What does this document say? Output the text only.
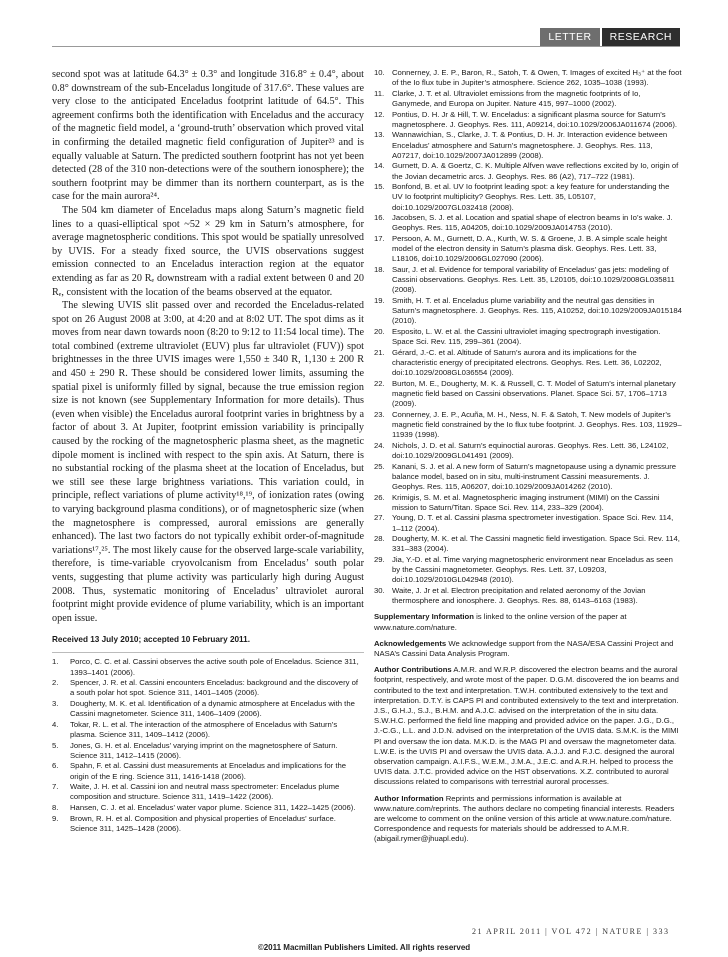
LETTER	RESEARCH

second spot was at latitude 64.3° ± 0.3° and longitude 316.8° ± 0.4°, about 0.8° downstream of the sub-Enceladus longitude of 317.6°. These values are very close to the anticipated Enceladus footprint latitude of 64.5°. This agreement confirms both the identification with Enceladus and the accuracy of the magnetic field model, a ‘ground-truth’ observation which proved vital in confirming the detailed magnetic field configuration of Jupiter²³ and is equally valuable at Saturn. The predicted southern footprint has not yet been detected (28 of the 310 non-detections were of the southern ionosphere); the southern footprint may be dimmer than its northern counterpart, as is the case for the main aurora²⁴.

The 504 km diameter of Enceladus maps along Saturn’s magnetic field lines to a quasi-elliptical spot ~52 × 29 km in Saturn’s atmosphere, for average magnetospheric conditions. This spot would be spatially unresolved by UVIS. For a steady fixed source, the UVIS observations suggest emission connected to an Enceladus interaction region at the equator extending as far as 20 Rₑ downstream with a radial extent between 0 and 20 Rₑ, consistent with the location of the beams observed at the equator.

The slewing UVIS slit passed over and recorded the Enceladus-related spot on 26 August 2008 at 3:00, at 4:20 and at 8:02 UT. The spot dims as it moves from near dawn towards noon (8:20 to 9:12 to 11:54 local time). The total combined (extreme ultraviolet (EUV) plus far ultraviolet (FUV)) spot brightnesses in the three UVIS images were 1,550 ± 340 R, 1,130 ± 200 R and 450 ± 290 R. These should be considered lower limits, assuming the spatial pixel is uniformly filled by signal, because the true emission region size is not known (see Supplementary Information for more details). Thus (even when visible) the Enceladus auroral footprint varies in brightness by a factor of about 3. At Jupiter, footprint emission variability is principally caused by the rocking of the magnetospheric plasma sheet, as the magnetic dipole moment is inclined with respect to the spin axis. At Saturn, there is no substantial rocking of the plasma sheet at the location of Enceladus, but we still see these large brightness variations. This variation could, in principle, reflect variations of plume activity¹⁸,¹⁹, of ionization rates (owing to varying background plasma conditions), or of magnetospheric size (when the magnetosphere is compressed, auroral emissions are generally enhanced). The last two factors do not typically exhibit order-of-magnitude variations¹⁷,²⁵. The most likely cause for the observed large-scale variability, therefore, is time-variable cryovolcanism from Enceladus’ south polar vents, suggesting that plume activity was particularly high during August 2008. Thus, systematic monitoring of Enceladus’ ultraviolet auroral footprint might provide evidence of plume variability, which is an important open issue.

Received 13 July 2010; accepted 10 February 2011.
1. Porco, C. C. et al. Cassini observes the active south pole of Enceladus. Science 311, 1393–1401 (2006).
2. Spencer, J. R. et al. Cassini encounters Enceladus: background and the discovery of a south polar hot spot. Science 311, 1401–1405 (2006).
3. Dougherty, M. K. et al. Identification of a dynamic atmosphere at Enceladus with the Cassini magnetometer. Science 311, 1406–1409 (2006).
4. Tokar, R. L. et al. The interaction of the atmosphere of Enceladus with Saturn’s plasma. Science 311, 1409–1412 (2006).
5. Jones, G. H. et al. Enceladus’ varying imprint on the magnetosphere of Saturn. Science 311, 1412–1415 (2006).
6. Spahn, F. et al. Cassini dust measurements at Enceladus and implications for the origin of the E ring. Science 311, 1416-1418 (2006).
7. Waite, J. H. et al. Cassini ion and neutral mass spectrometer: Enceladus plume composition and structure. Science 311, 1419–1422 (2006).
8. Hansen, C. J. et al. Enceladus’ water vapor plume. Science 311, 1422–1425 (2006).
9. Brown, R. H. et al. Composition and physical properties of Enceladus’ surface. Science 311, 1425–1428 (2006).
10. Connerney, J. E. P., Baron, R., Satoh, T. & Owen, T. Images of excited H₃⁺ at the foot of the Io flux tube in Jupiter’s atmosphere. Science 262, 1035–1038 (1993).
11. Clarke, J. T. et al. Ultraviolet emissions from the magnetic footprints of Io, Ganymede, and Europa on Jupiter. Nature 415, 997–1000 (2002).
12. Pontius, D. H. Jr & Hill, T. W. Enceladus: a significant plasma source for Saturn’s magnetosphere. J. Geophys. Res. 111, A09214, doi:10.1029/2006JA011674 (2006).
13. Wannawichian, S., Clarke, J. T. & Pontius, D. H. Jr. Interaction evidence between Enceladus’ atmosphere and Saturn’s magnetosphere. J. Geophys. Res. 113, A07217, doi:10.1029/2007JA012899 (2008).
14. Gurnett, D. A. & Goertz, C. K. Multiple Alfven wave reflections excited by Io, origin of the Jovian decametric arcs. J. Geophys. Res. 86 (A2), 717–722 (1981).
15. Bonfond, B. et al. UV Io footprint leading spot: a key feature for understanding the UV Io footprint multiplicity? Geophys. Res. Lett. 35, L05107, doi:10.1029/2007GL032418 (2008).
16. Jacobsen, S. J. et al. Location and spatial shape of electron beams in Io’s wake. J. Geophys. Res. 115, A04205, doi:10.1029/2009JA014753 (2010).
17. Persoon, A. M., Gurnett, D. A., Kurth, W. S. & Groene, J. B. A simple scale height model of the electron density in Saturn’s plasma disk. Geophys. Res. Lett. 33, L18106, doi:10.1029/2006GL027090 (2006).
18. Saur, J. et al. Evidence for temporal variability of Enceladus’ gas jets: modeling of Cassini observations. Geophys. Res. Lett. 35, L20105, doi:10.1029/2008GL035811 (2008).
19. Smith, H. T. et al. Enceladus plume variability and the neutral gas densities in Saturn’s magnetosphere. J. Geophys. Res. 115, A10252, doi:10.1029/2009JA015184 (2010).
20. Esposito, L. W. et al. the Cassini ultraviolet imaging spectrograph investigation. Space Sci. Rev. 115, 299–361 (2004).
21. Gérard, J.-C. et al. Altitude of Saturn’s aurora and its implications for the characteristic energy of precipitated electrons. Geophys. Res. Lett. 36, L02202, doi:10.1029/2008GL036554 (2009).
22. Burton, M. E., Dougherty, M. K. & Russell, C. T. Model of Saturn’s internal planetary magnetic field based on Cassini observations. Planet. Space Sci. 57, 1706–1713 (2009).
23. Connerney, J. E. P., Acuña, M. H., Ness, N. F. & Satoh, T. New models of Jupiter’s magnetic field constrained by the Io flux tube footprint. J. Geophys. Res. 103, 11929–11939 (1998).
24. Nichols, J. D. et al. Saturn’s equinoctial auroras. Geophys. Res. Lett. 36, L24102, doi:10.1029/2009GL041491 (2009).
25. Kanani, S. J. et al. A new form of Saturn’s magnetopause using a dynamic pressure balance model, based on in situ, multi-instrument Cassini measurements. J. Geophys. Res. 115, A06207, doi:10.1029/2009JA014262 (2010).
26. Krimigis, S. M. et al. Magnetospheric imaging instrument (MIMI) on the Cassini mission to Saturn/Titan. Space Sci. Rev. 114, 233–329 (2004).
27. Young, D. T. et al. Cassini plasma spectrometer investigation. Space Sci. Rev. 114, 1–112 (2004).
28. Dougherty, M. K. et al. The Cassini magnetic field investigation. Space Sci. Rev. 114, 331–383 (2004).
29. Jia, Y.-D. et al. Time varying magnetospheric environment near Enceladus as seen by the Cassini magnetometer. Geophys. Res. Lett. 37, L09203, doi:10.1029/2010GL042948 (2010).
30. Waite, J. Jr et al. Electron precipitation and related aeronomy of the Jovian thermosphere and ionosphere. J. Geophys. Res. 88, 6143–6163 (1983).

Supplementary Information is linked to the online version of the paper at www.nature.com/nature.

Acknowledgements We acknowledge support from the NASA/ESA Cassini Project and NASA’s Cassini Data Analysis Program.

Author Contributions A.M.R. and W.R.P. discovered the electron beams and the auroral footprint, respectively, and wrote most of the paper. D.G.M. discovered the ion beams and contributed to the text and interpretation. T.W.H. contributed extensively to the text and interpretation. D.T.Y. is CAPS PI and contributed extensively to the text and interpretation. J.S., G.H.J., S.J., B.H.M. and A.J.C. advised on the interpretation of the in situ data. S.W.H.C. performed the field line mapping and provided advice on the paper. J.G., D.G., J.-C.G., L.L. and J.D.N. advised on the interpretation of the UVIS data. S.M.K. is the MIMI PI and oversaw the ion data. M.K.D. is the MAG PI and oversaw the magnetometer data. L.W.E. is the UVIS PI and oversaw the UVIS data. A.J.J. and F.J.C. designed the auroral observation campaign. A.I.F.S., W.E.M., J.M.A., J.E.C. and A.R.H. helped to process the UVIS data. J.T.C. provided advice on the HST observations. X.Z. contributed to auroral discussions related to comparisons with terrestrial auroral processes.

Author Information Reprints and permissions information is available at www.nature.com/reprints. The authors declare no competing financial interests. Readers are welcome to comment on the online version of this article at www.nature.com/nature. Correspondence and requests for materials should be addressed to A.M.R. (abigail.rymer@jhuapl.edu).

21 APRIL 2011 | VOL 472 | NATURE | 333
©2011 Macmillan Publishers Limited. All rights reserved
